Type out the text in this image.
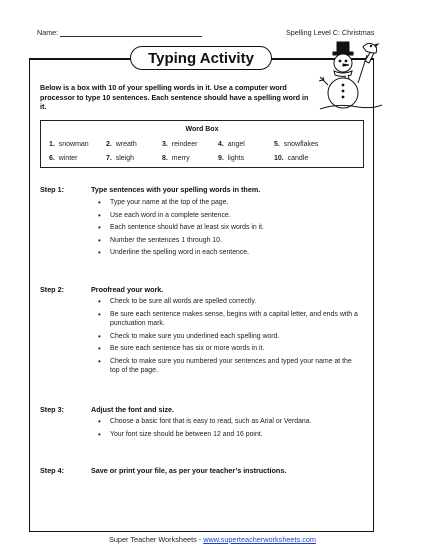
Name:	Spelling Level C: Christmas
Typing Activity
Below is a box with 10 of your spelling words in it. Use a computer word processor to type 10 sentences. Each sentence should have a spelling word in it.
Word Box
1. snowman 2. wreath	3. reindeer	4. angel	5. snowflakes
6. winter	7. sleigh	8. merry	9. lights	10. candle
Step 1:	Type sentences with your spelling words in them.
• Type your name at the top of the page.
• Use each word in a complete sentence.
• Each sentence should have at least six words in it.
• Number the sentences 1 through 10.
• Underline the spelling word in each sentence.
Step 2:	Proofread your work.
• Check to be sure all words are spelled correctly.
• Be sure each sentence makes sense, begins with a capital letter, and ends with a punctuation mark.
• Check to make sure you underlined each spelling word.
• Be sure each sentence has six or more words in it.
• Check to make sure you numbered your sentences and typed your name at the top of the page.
Step 3:	Adjust the font and size.
• Choose a basic font that is easy to read, such as Arial or Verdana.
• Your font size should be between 12 and 16 point.
Step 4:	Save or print your file, as per your teacher’s instructions.
Super Teacher Worksheets - www.superteacherworksheets.com
